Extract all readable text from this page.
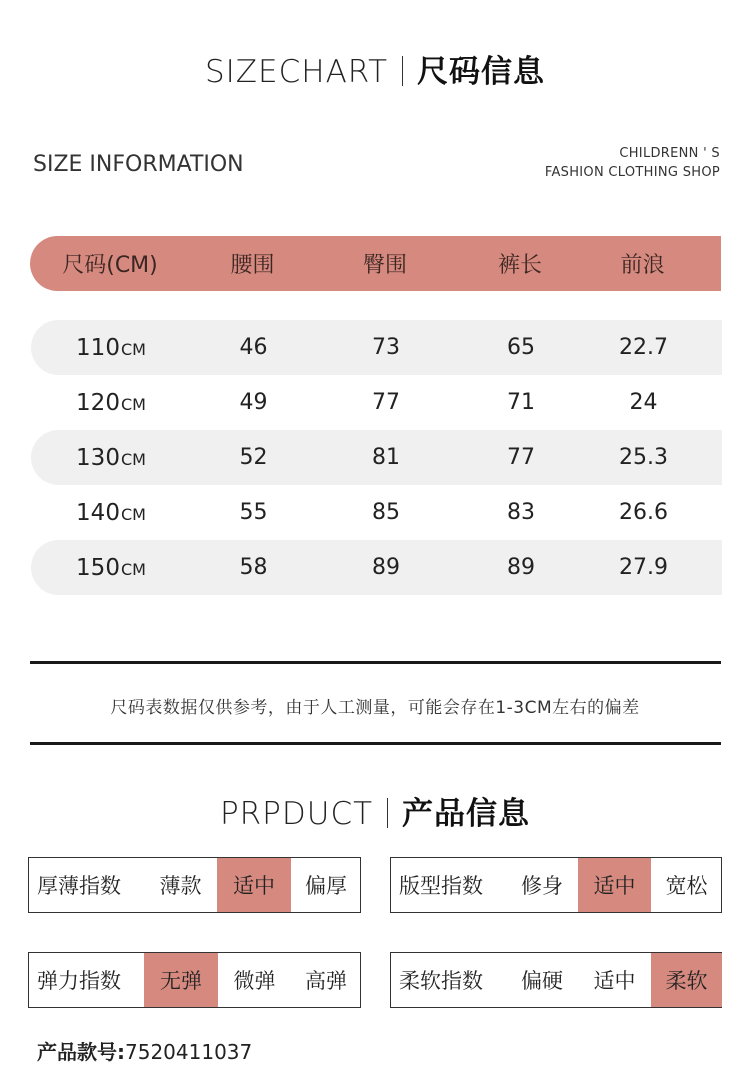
SIZECHART 尺码信息
SIZE INFORMATION	CHILDRENN ' S
FASHION CLOTHING SHOP
尺码(CM)	腰围	臀围	裤长	前浪
110 CM	46	73	65	22.7
120 CM	49	77	71	24
130 CM	52	81	77	25.3
140 CM	55	85	83	26.6
150 CM	58	89	89	27.9
尺码表数据仅供参考，由于人工测量，可能会存在1-3CM左右的偏差
PRPDUCT 产品信息
厚薄指数	薄款	适中	偏厚	版型指数	修身	适中	宽松
弹力指数	无弹	微弹	高弹	柔软指数	偏硬	适中	柔软
产品款号:7520411037
